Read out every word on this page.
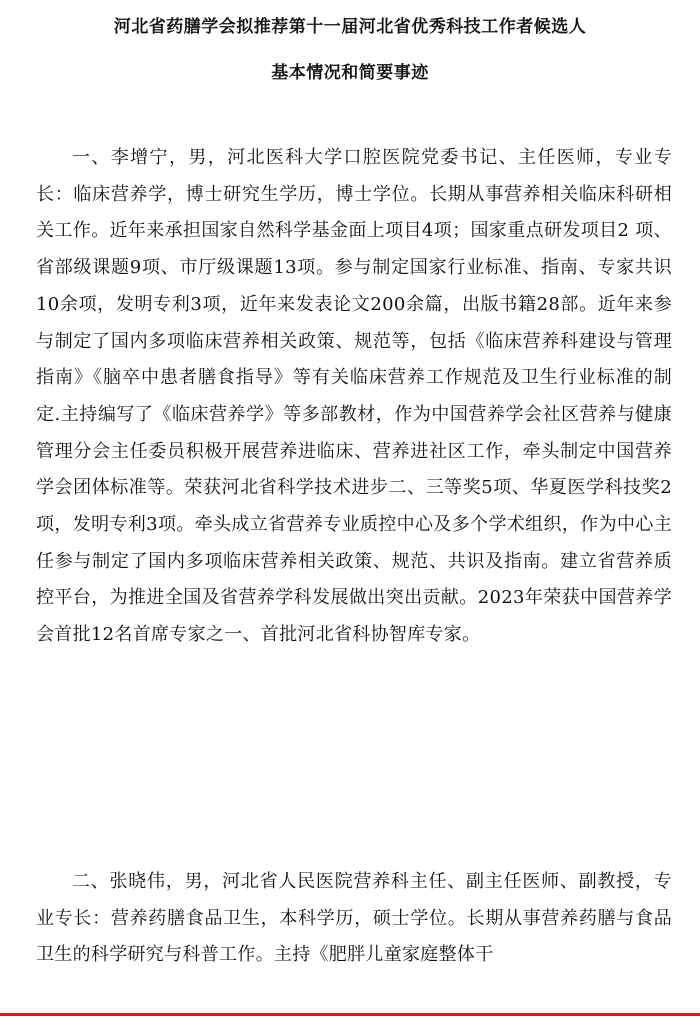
河北省药膳学会拟推荐第十一届河北省优秀科技工作者候选人
基本情况和简要事迹

一、李增宁，男，河北医科大学口腔医院党委书记、主任医师，专业专长：临床营养学，博士研究生学历，博士学位。长期从事营养相关临床科研相关工作。近年来承担国家自然科学基金面上项目4项；国家重点研发项目2 项、省部级课题9项、市厅级课题13项。参与制定国家行业标准、指南、专家共识10余项，发明专利3项，近年来发表论文200余篇，出版书籍28部。近年来参与制定了国内多项临床营养相关政策、规范等，包括《临床营养科建设与管理指南》《脑卒中患者膳食指导》等有关临床营养工作规范及卫生行业标准的制定.主持编写了《临床营养学》等多部教材，作为中国营养学会社区营养与健康管理分会主任委员积极开展营养进临床、营养进社区工作，牵头制定中国营养学会团体标准等。荣获河北省科学技术进步二、三等奖5项、华夏医学科技奖2 项，发明专利3项。牵头成立省营养专业质控中心及多个学术组织，作为中心主任参与制定了国内多项临床营养相关政策、规范、共识及指南。建立省营养质控平台，为推进全国及省营养学科发展做出突出贡献。2023年荣获中国营养学会首批12名首席专家之一、首批河北省科协智库专家。

二、张晓伟，男，河北省人民医院营养科主任、副主任医师、副教授，专业专长：营养药膳食品卫生，本科学历，硕士学位。长期从事营养药膳与食品卫生的科学研究与科普工作。主持《肥胖儿童家庭整体干
